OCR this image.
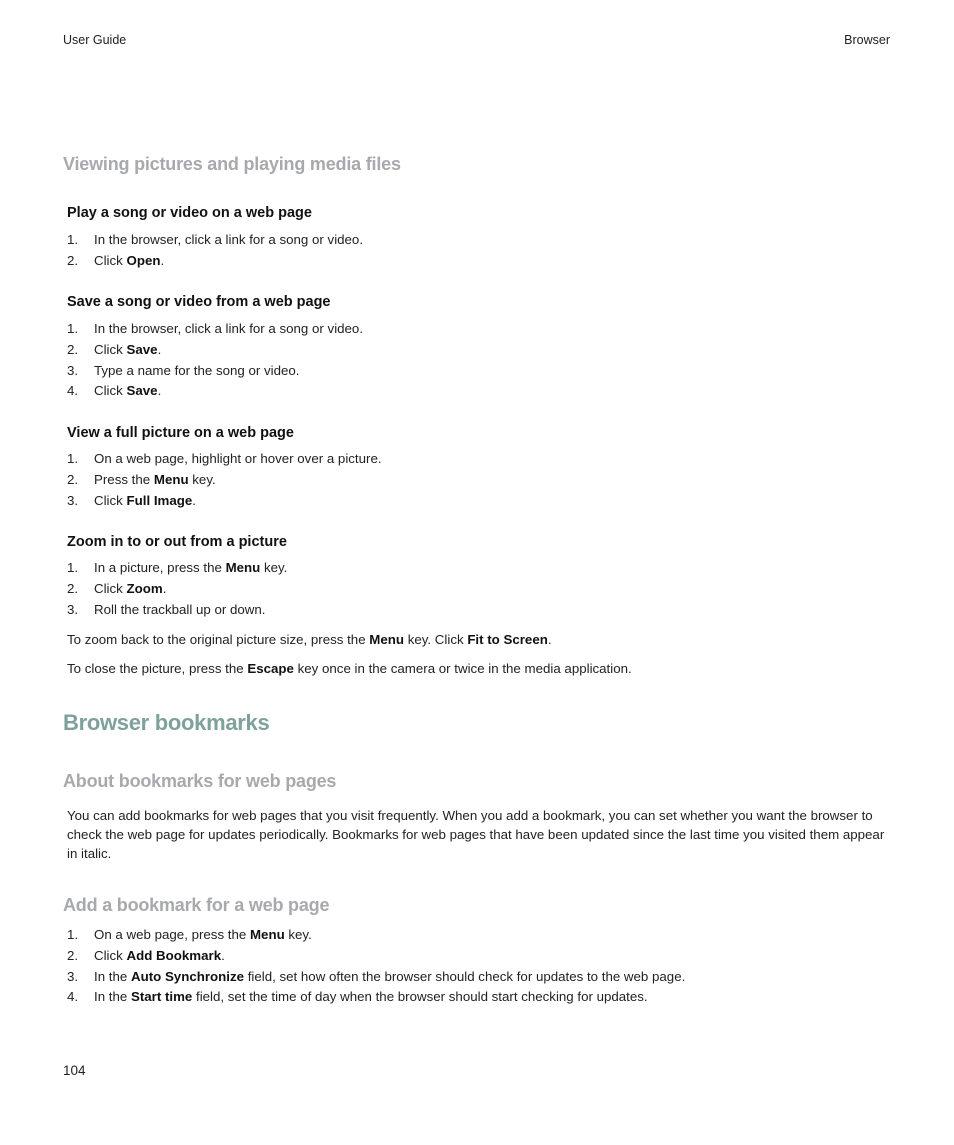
User Guide	Browser
Viewing pictures and playing media files
Play a song or video on a web page
1. In the browser, click a link for a song or video.
2. Click Open.
Save a song or video from a web page
1. In the browser, click a link for a song or video.
2. Click Save.
3. Type a name for the song or video.
4. Click Save.
View a full picture on a web page
1. On a web page, highlight or hover over a picture.
2. Press the Menu key.
3. Click Full Image.
Zoom in to or out from a picture
1. In a picture, press the Menu key.
2. Click Zoom.
3. Roll the trackball up or down.

To zoom back to the original picture size, press the Menu key. Click Fit to Screen.

To close the picture, press the Escape key once in the camera or twice in the media application.

Browser bookmarks
About bookmarks for web pages

You can add bookmarks for web pages that you visit frequently. When you add a bookmark, you can set whether you want the browser to check the web page for updates periodically. Bookmarks for web pages that have been updated since the last time you visited them appear in italic.

Add a bookmark for a web page
1. On a web page, press the Menu key.
2. Click Add Bookmark.
3. In the Auto Synchronize field, set how often the browser should check for updates to the web page.
4. In the Start time field, set the time of day when the browser should start checking for updates.
104
